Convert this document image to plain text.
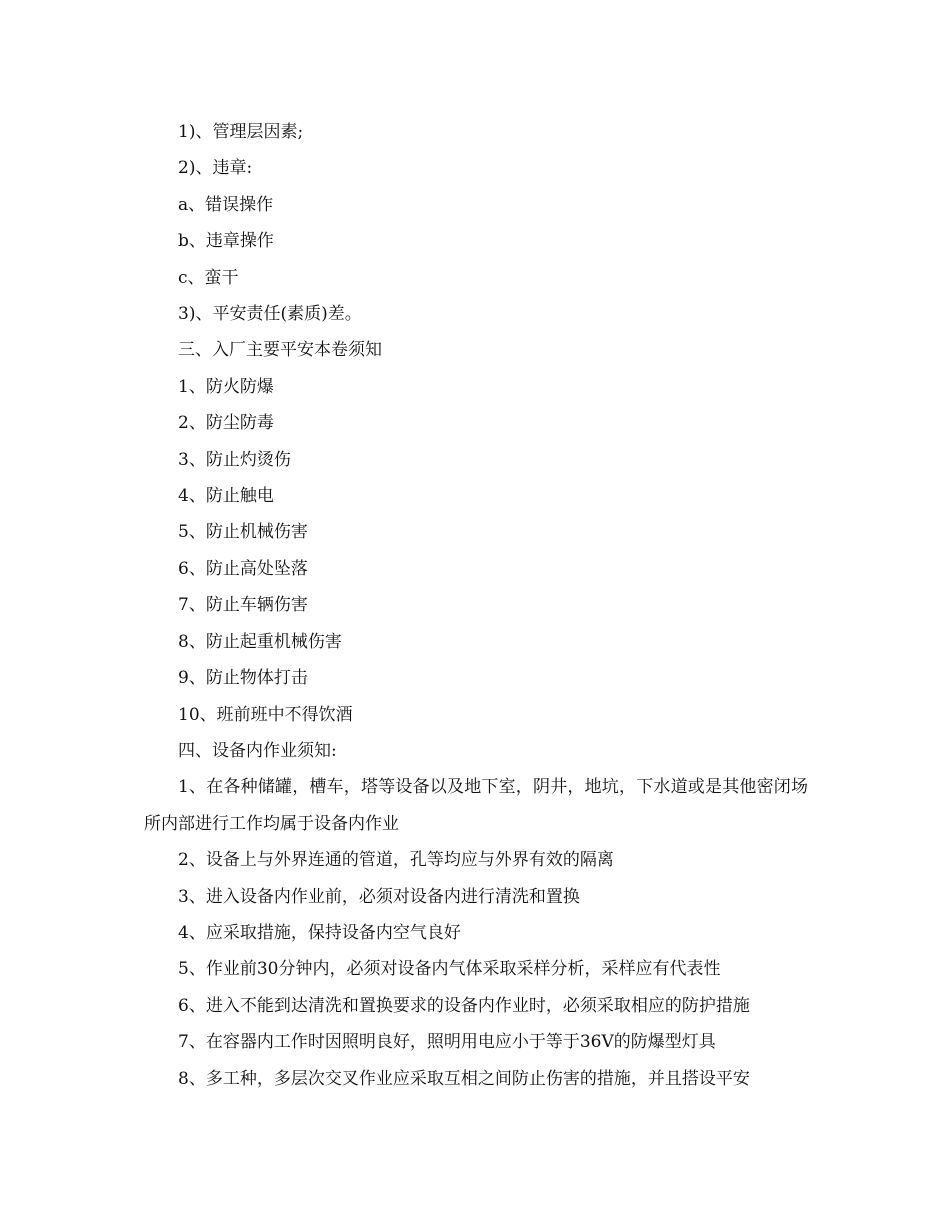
1)、管理层因素;

2)、违章:

a、错误操作

b、违章操作

c、蛮干

3)、平安责任(素质)差。

三、入厂主要平安本卷须知

1、防火防爆

2、防尘防毒

3、防止灼烫伤

4、防止触电

5、防止机械伤害

6、防止高处坠落

7、防止车辆伤害

8、防止起重机械伤害

9、防止物体打击

10、班前班中不得饮酒

四、设备内作业须知:

1、在各种储罐，槽车，塔等设备以及地下室，阴井，地坑，下水道或是其他密闭场所内部进行工作均属于设备内作业

2、设备上与外界连通的管道，孔等均应与外界有效的隔离

3、进入设备内作业前，必须对设备内进行清洗和置换

4、应采取措施，保持设备内空气良好

5、作业前30分钟内，必须对设备内气体采取采样分析，采样应有代表性

6、进入不能到达清洗和置换要求的设备内作业时，必须采取相应的防护措施

7、在容器内工作时因照明良好，照明用电应小于等于36V的防爆型灯具

8、多工种，多层次交叉作业应采取互相之间防止伤害的措施，并且搭设平安
